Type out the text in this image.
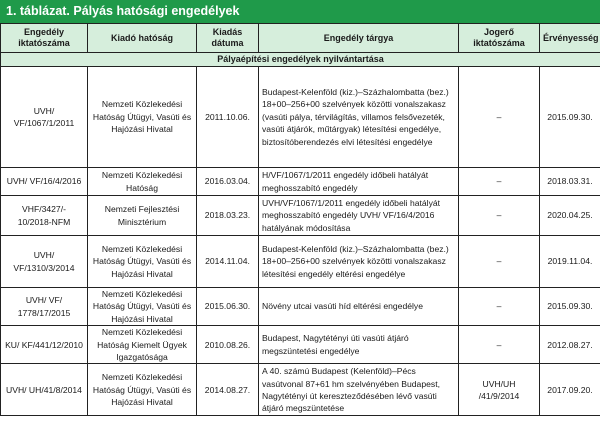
1. táblázat. Pályás hatósági engedélyek
Pályaépítési engedélyek nyilvántartása					
Engedély iktatószáma	Kiadó hatóság	Kiadás dátuma	Engedély tárgya	Jogerő iktatószáma	Érvényesség
UVH/ VF/1067/1/2011	Nemzeti Közlekedési Hatóság Útügyi, Vasúti és Hajózási Hivatal	2011.10.06.	Budapest-Kelenföld (kiz.)–Százhalombatta (bez.) 18+00–256+00 szelvények közötti vonalszakasz (vasúti pálya, térvilágítás, villamos felsővezeték, vasúti átjárók, műtárgyak) létesítési engedélye, biztosítóberendezés elvi létesítési engedélye	–	2015.09.30.
UVH/ VF/16/4/2016	Nemzeti Közlekedési Hatóság	2016.03.04.	H/VF/1067/1/2011 engedély időbeli hatályát meghosszabító engedély	–	2018.03.31.
VHF/3427/- 10/2018-NFM	Nemzeti Fejlesztési Minisztérium	2018.03.23.	UVH/VF/1067/1/2011 engedély időbeli hatályát meghosszabító engedély UVH/ VF/16/4/2016 hatályának módosítása	–	2020.04.25.
UVH/ VF/1310/3/2014	Nemzeti Közlekedési Hatóság Útügyi, Vasúti és Hajózási Hivatal	2014.11.04.	Budapest-Kelenföld (kiz.)–Százhalombatta (bez.) 18+00–256+00 szelvények közötti vonalszakasz létesítési engedély eltérési engedélye	–	2019.11.04.
UVH/ VF/ 1778/17/2015	Nemzeti Közlekedési Hatóság Útügyi, Vasúti és Hajózási Hivatal	2015.06.30.	Növény utcai vasúti híd eltérési engedélye	–	2015.09.30.
KU/ KF/441/12/2010	Nemzeti Közlekedési Hatóság Kiemelt Ügyek Igazgatósága	2010.08.26.	Budapest, Nagytétényi úti vasúti átjáró megszüntetési engedélye	–	2012.08.27.
UVH/ UH/41/8/2014	Nemzeti Közlekedési Hatóság Útügyi, Vasúti és Hajózási Hivatal	2014.08.27.	A 40. számú Budapest (Kelenföld)–Pécs vasútvonal 87+61 hm szelvényében Budapest, Nagytétényi út kereszteződésében lévő vasúti átjáró megszüntetése	UVH/UH /41/9/2014	2017.09.20.
